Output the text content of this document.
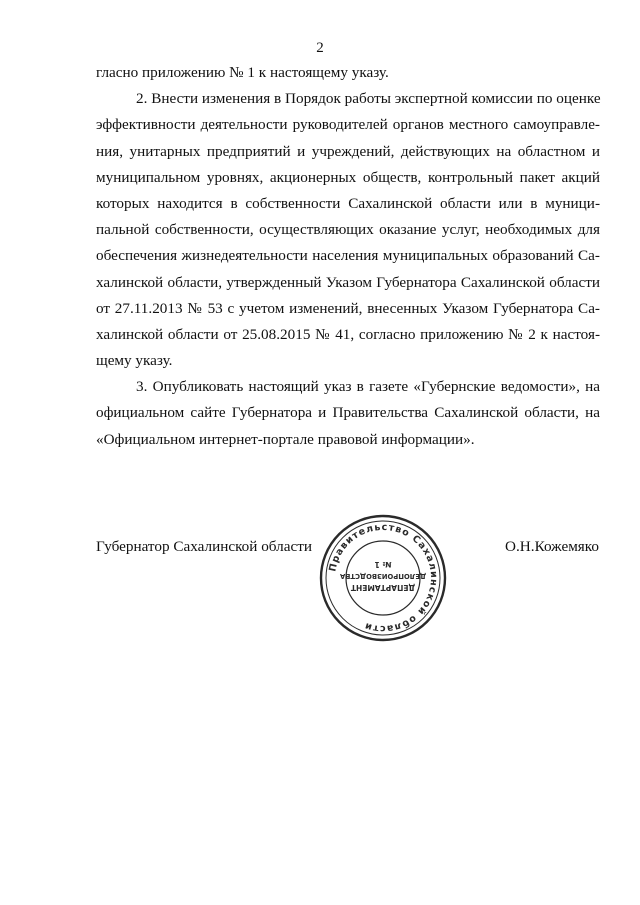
2
гласно приложению № 1 к настоящему указу.
2. Внести изменения в Порядок работы экспертной комиссии по оценке
эффективности деятельности руководителей органов местного самоуправле-
ния, унитарных предприятий и учреждений, действующих на областном и
муниципальном уровнях, акционерных обществ, контрольный пакет акций
которых находится в собственности Сахалинской области или в муници-
пальной собственности, осуществляющих оказание услуг, необходимых для
обеспечения жизнедеятельности населения муниципальных образований Са-
халинской области, утвержденный Указом Губернатора Сахалинской области
от 27.11.2013 № 53 с учетом изменений, внесенных Указом Губернатора Са-
халинской области от 25.08.2015 № 41, согласно приложению № 2 к настоя-
щему указу.
3. Опубликовать настоящий указ в газете «Губернские ведомости», на
официальном сайте Губернатора и Правительства Сахалинской области, на
«Официальном интернет-портале правовой информации».
Губернатор Сахалинской области	О.Н.Кожемяко
Правительство Сахалинской области
ДЕПАРТАМЕНТ
ДЕЛОПРОИЗВОДСТВА
№ 1
